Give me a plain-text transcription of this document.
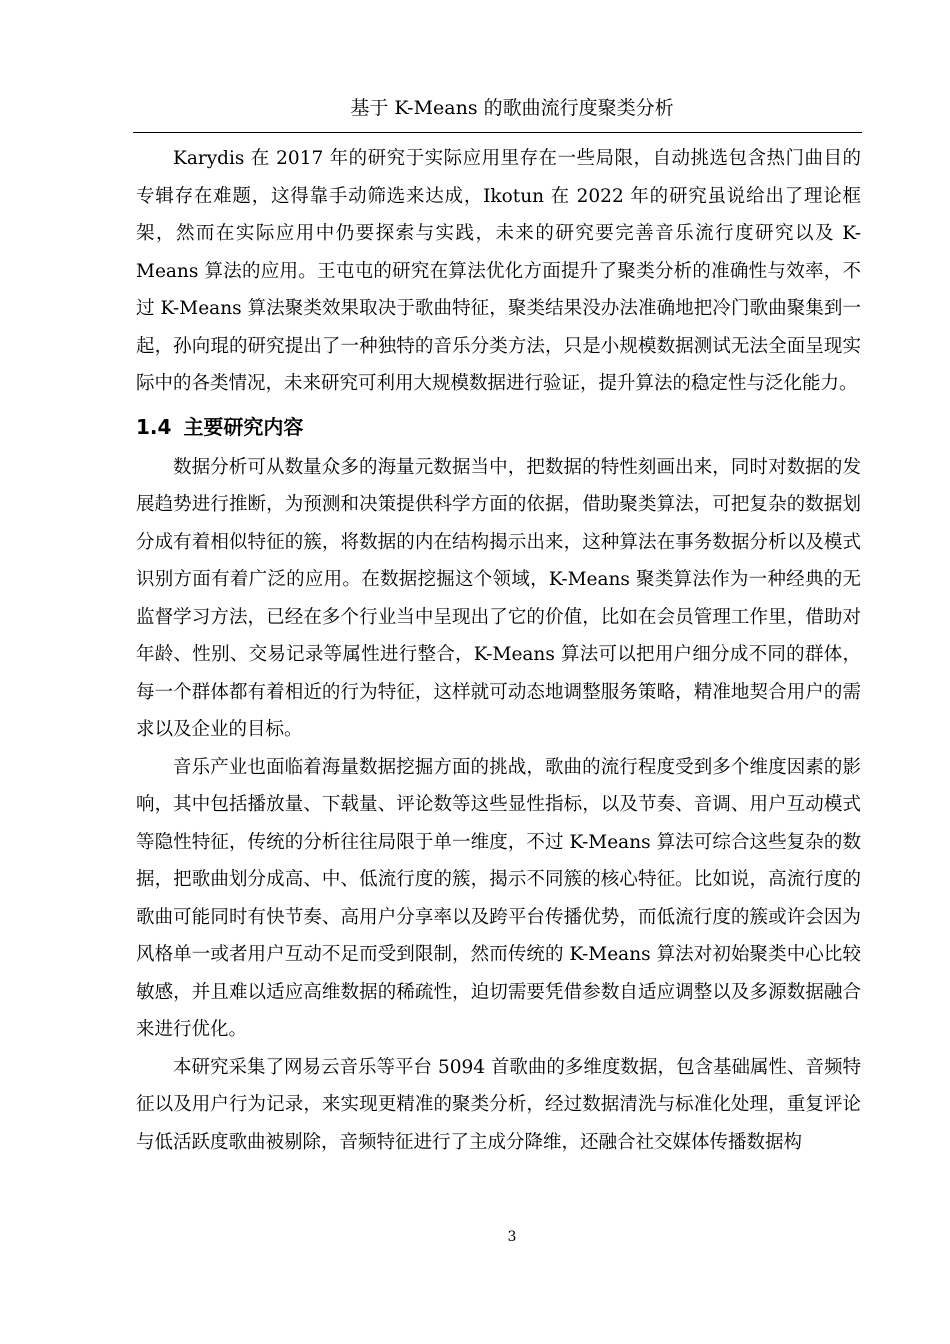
基于 K-Means 的歌曲流行度聚类分析

Karydis 在 2017 年的研究于实际应用里存在一些局限，自动挑选包含热门曲目的专辑存在难题，这得靠手动筛选来达成，Ikotun 在 2022 年的研究虽说给出了理论框架，然而在实际应用中仍要探索与实践，未来的研究要完善音乐流行度研究以及 K-Means 算法的应用。王屯屯的研究在算法优化方面提升了聚类分析的准确性与效率，不过 K-Means 算法聚类效果取决于歌曲特征，聚类结果没办法准确地把冷门歌曲聚集到一起，孙向琨的研究提出了一种独特的音乐分类方法，只是小规模数据测试无法全面呈现实际中的各类情况，未来研究可利用大规模数据进行验证，提升算法的稳定性与泛化能力。

1.4 主要研究内容

数据分析可从数量众多的海量元数据当中，把数据的特性刻画出来，同时对数据的发展趋势进行推断，为预测和决策提供科学方面的依据，借助聚类算法，可把复杂的数据划分成有着相似特征的簇，将数据的内在结构揭示出来，这种算法在事务数据分析以及模式识别方面有着广泛的应用。在数据挖掘这个领域，K-Means 聚类算法作为一种经典的无监督学习方法，已经在多个行业当中呈现出了它的价值，比如在会员管理工作里，借助对年龄、性别、交易记录等属性进行整合，K-Means 算法可以把用户细分成不同的群体，每一个群体都有着相近的行为特征，这样就可动态地调整服务策略，精准地契合用户的需求以及企业的目标。

音乐产业也面临着海量数据挖掘方面的挑战，歌曲的流行程度受到多个维度因素的影响，其中包括播放量、下载量、评论数等这些显性指标，以及节奏、音调、用户互动模式等隐性特征，传统的分析往往局限于单一维度，不过 K-Means 算法可综合这些复杂的数据，把歌曲划分成高、中、低流行度的簇，揭示不同簇的核心特征。比如说，高流行度的歌曲可能同时有快节奏、高用户分享率以及跨平台传播优势，而低流行度的簇或许会因为风格单一或者用户互动不足而受到限制，然而传统的 K-Means 算法对初始聚类中心比较敏感，并且难以适应高维数据的稀疏性，迫切需要凭借参数自适应调整以及多源数据融合来进行优化。

本研究采集了网易云音乐等平台 5094 首歌曲的多维度数据，包含基础属性、音频特征以及用户行为记录，来实现更精准的聚类分析，经过数据清洗与标准化处理，重复评论与低活跃度歌曲被剔除，音频特征进行了主成分降维，还融合社交媒体传播数据构

3
